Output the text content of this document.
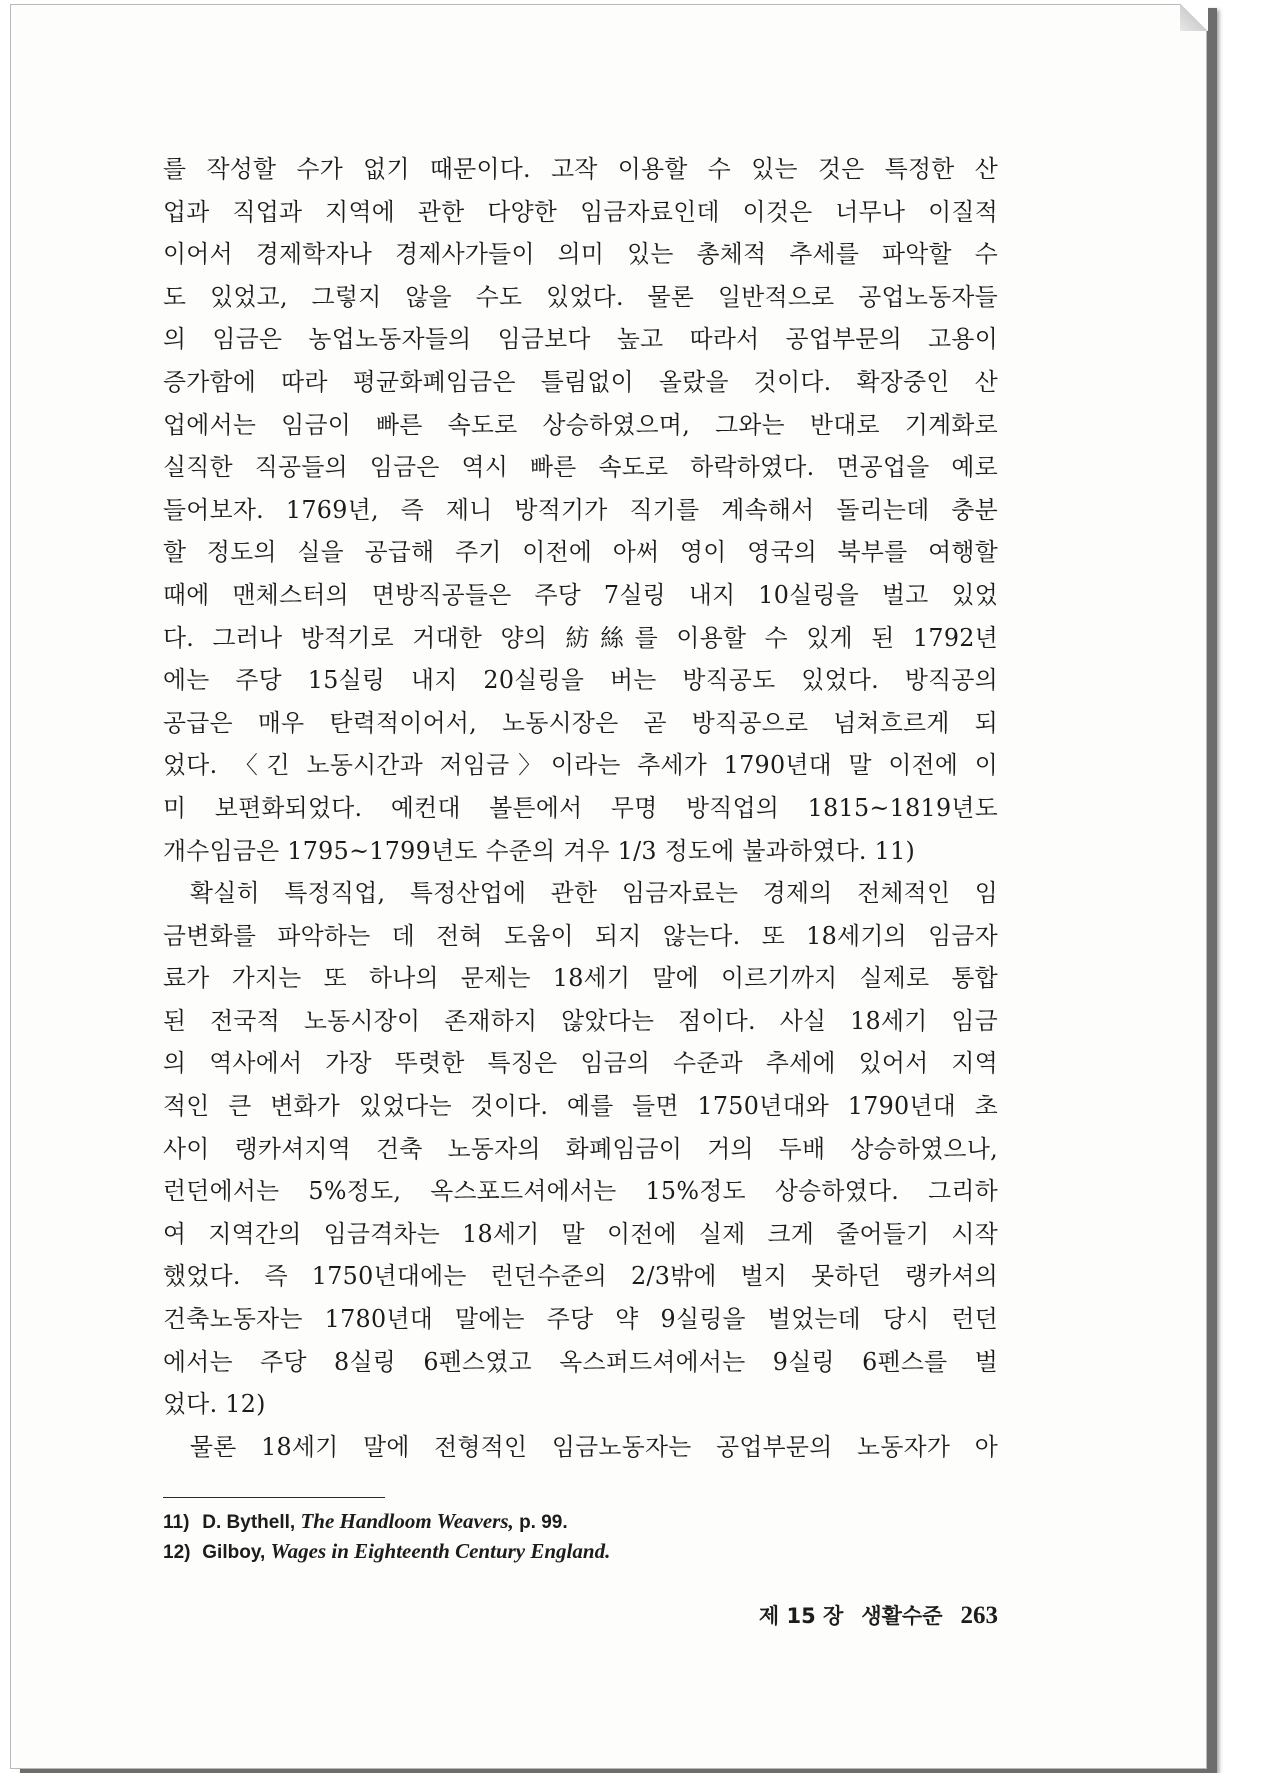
를 작성할 수가 없기 때문이다. 고작 이용할 수 있는 것은 특정한 산
업과 직업과 지역에 관한 다양한 임금자료인데 이것은 너무나 이질적
이어서 경제학자나 경제사가들이 의미 있는 총체적 추세를 파악할 수
도 있었고, 그렇지 않을 수도 있었다. 물론 일반적으로 공업노동자들
의 임금은 농업노동자들의 임금보다 높고 따라서 공업부문의 고용이
증가함에 따라 평균화폐임금은 틀림없이 올랐을 것이다. 확장중인 산
업에서는 임금이 빠른 속도로 상승하였으며, 그와는 반대로 기계화로
실직한 직공들의 임금은 역시 빠른 속도로 하락하였다. 면공업을 예로
들어보자. 1769년, 즉 제니 방적기가 직기를 계속해서 돌리는데 충분
할 정도의 실을 공급해 주기 이전에 아써 영이 영국의 북부를 여행할
때에 맨체스터의 면방직공들은 주당 7실링 내지 10실링을 벌고 있었
다. 그러나 방적기로 거대한 양의 紡絲를 이용할 수 있게 된 1792년
에는 주당 15실링 내지 20실링을 버는 방직공도 있었다. 방직공의
공급은 매우 탄력적이어서, 노동시장은 곧 방직공으로 넘쳐흐르게 되
었다. 〈긴 노동시간과 저임금〉이라는 추세가 1790년대 말 이전에 이
미 보편화되었다. 예컨대 볼튼에서 무명 방직업의 1815~1819년도
개수임금은 1795~1799년도 수준의 겨우 1/3 정도에 불과하였다. 11)
확실히 특정직업, 특정산업에 관한 임금자료는 경제의 전체적인 임
금변화를 파악하는 데 전혀 도움이 되지 않는다. 또 18세기의 임금자
료가 가지는 또 하나의 문제는 18세기 말에 이르기까지 실제로 통합
된 전국적 노동시장이 존재하지 않았다는 점이다. 사실 18세기 임금
의 역사에서 가장 뚜렷한 특징은 임금의 수준과 추세에 있어서 지역
적인 큰 변화가 있었다는 것이다. 예를 들면 1750년대와 1790년대 초
사이 랭카셔지역 건축 노동자의 화폐임금이 거의 두배 상승하였으나,
런던에서는 5%정도, 옥스포드셔에서는 15%정도 상승하였다. 그리하
여 지역간의 임금격차는 18세기 말 이전에 실제 크게 줄어들기 시작
했었다. 즉 1750년대에는 런던수준의 2/3밖에 벌지 못하던 랭카셔의
건축노동자는 1780년대 말에는 주당 약 9실링을 벌었는데 당시 런던
에서는 주당 8실링 6펜스였고 옥스퍼드셔에서는 9실링 6펜스를 벌
었다. 12)
물론 18세기 말에 전형적인 임금노동자는 공업부문의 노동자가 아
11) D. Bythell, The Handloom Weavers, p. 99.
12) Gilboy, Wages in Eighteenth Century England.
제 15 장 생활수준 263
